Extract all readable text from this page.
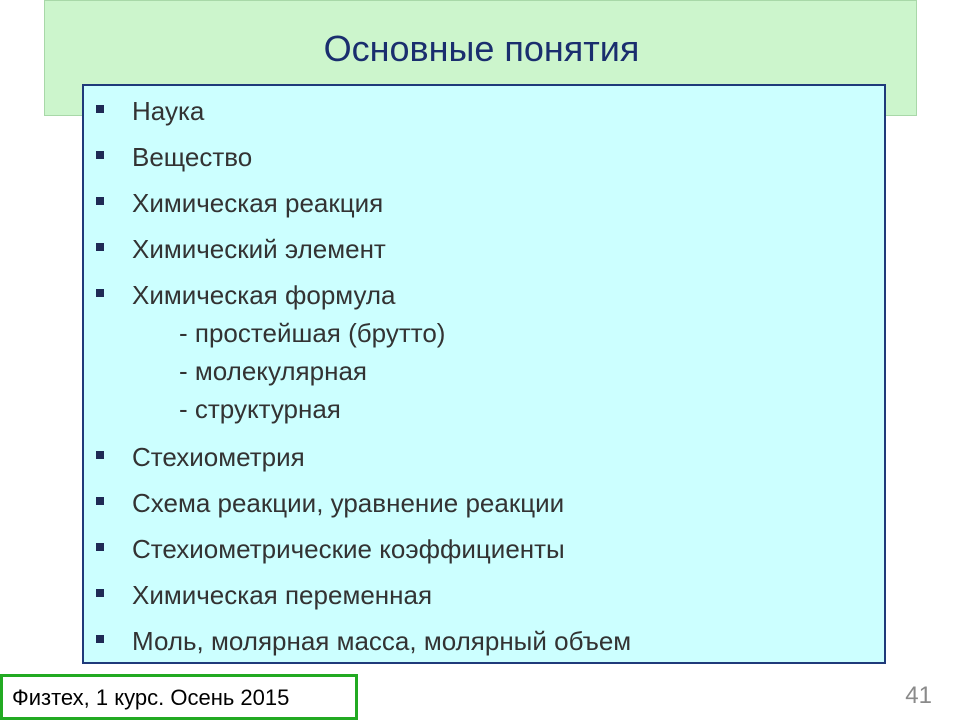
Основные понятия
Наука
Вещество
Химическая реакция
Химический элемент
Химическая формула
- простейшая (брутто)
- молекулярная
- структурная
Стехиометрия
Схема реакции, уравнение реакции
Стехиометрические коэффициенты
Химическая переменная
Моль, молярная масса, молярный объем
Физтех, 1 курс. Осень 2015	41
